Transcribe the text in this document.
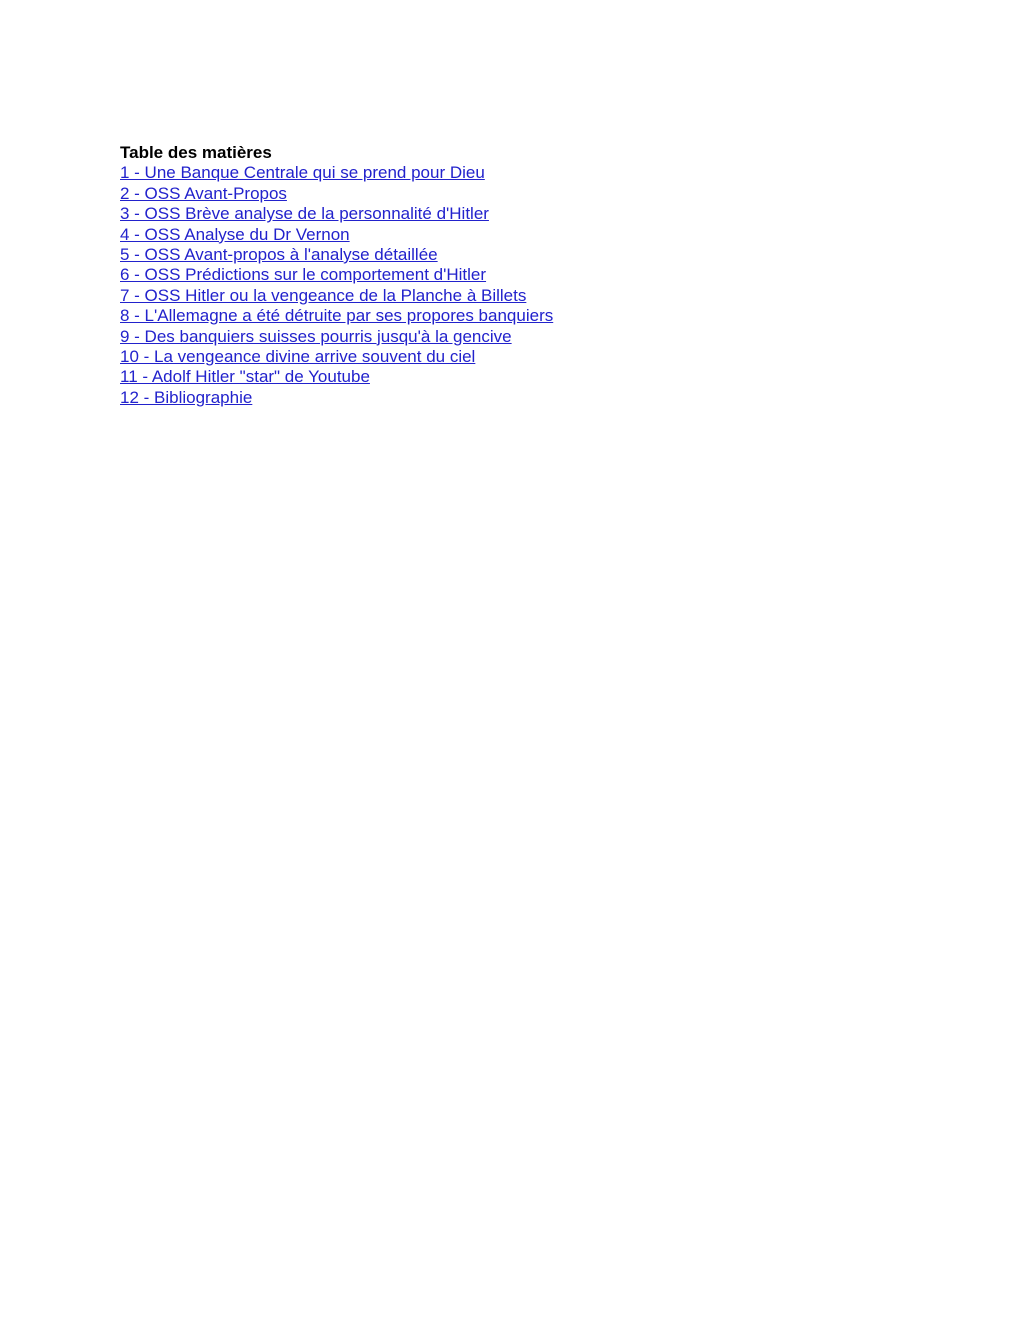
Table des matières
1 - Une Banque Centrale qui se prend pour Dieu
2 - OSS Avant-Propos
3 - OSS Brève analyse de la personnalité d'Hitler
4 - OSS Analyse du Dr Vernon
5 - OSS Avant-propos à l'analyse détaillée
6 - OSS Prédictions sur le comportement d'Hitler
7 - OSS Hitler ou la vengeance de la Planche à Billets
8 - L'Allemagne a été détruite par ses propores banquiers
9 - Des banquiers suisses pourris jusqu'à la gencive
10 - La vengeance divine arrive souvent du ciel
11 - Adolf Hitler "star" de Youtube
12 - Bibliographie
